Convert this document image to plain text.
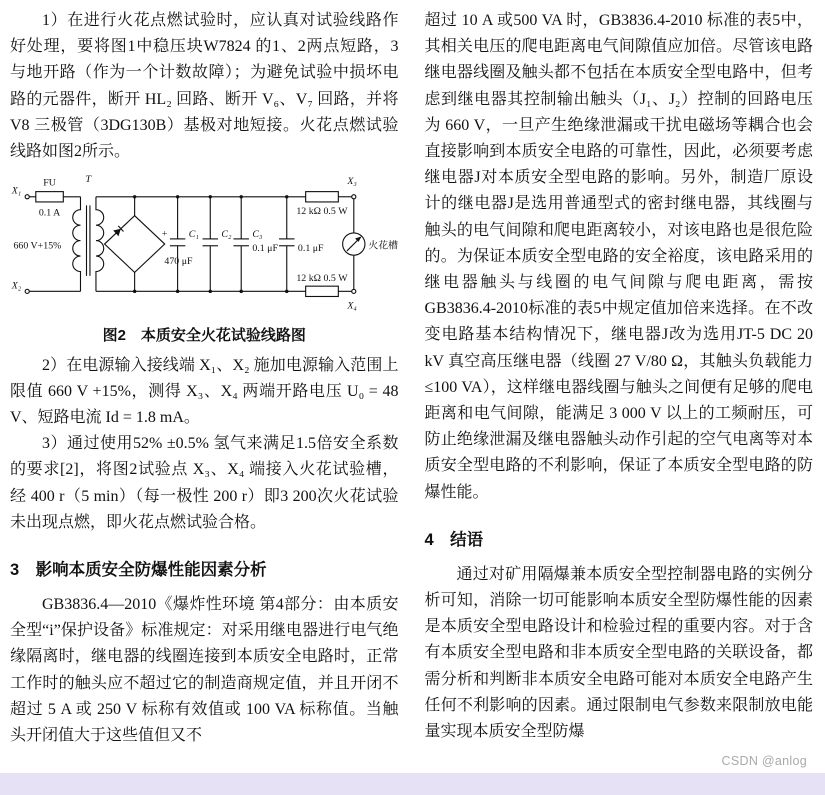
1）在进行火花点燃试验时，应认真对试验线路作好处理，要将图1中稳压块W7824 的1、2两点短路，3 与地开路（作为一个计数故障）；为避免试验中损坏电路的元器件，断开 HL₂ 回路、断开 V₆、V₇ 回路，并将 V8 三极管（3DG130B）基极对地短接。火花点燃试验线路如图2所示。

X₁
X₂
FU
0.1 A
T
660 V+15%
+ C₁
470 μF
C₂ C₃
0.1 μF 0.1 μF
12 kΩ 0.5 W
12 kΩ 0.5 W
X₃
X₄
火花槽
图2　本质安全火花试验线路图

2）在电源输入接线端 X₁、X₂ 施加电源输入范围上限值 660 V +15%，测得 X₃、X₄ 两端开路电压 U₀ = 48 V、短路电流 Id = 1.8 mA。

3）通过使用52% ±0.5% 氢气来满足1.5倍安全系数的要求[2]，将图2试验点 X₃、X₄ 端接入火花试验槽，经 400 r（5 min）（每一极性 200 r）即3 200次火花试验未出现点燃，即火花点燃试验合格。

3　影响本质安全防爆性能因素分析

GB3836.4—2010《爆炸性环境 第4部分：由本质安全型“i”保护设备》标准规定：对采用继电器进行电气绝缘隔离时，继电器的线圈连接到本质安全电路时，正常工作时的触头应不超过它的制造商规定值，并且开闭不超过 5 A 或 250 V 标称有效值或 100 VA 标称值。当触头开闭值大于这些值但又不

超过 10 A 或500 VA 时，GB3836.4-2010 标准的表5中，其相关电压的爬电距离电气间隙值应加倍。尽管该电路继电器线圈及触头都不包括在本质安全型电路中，但考虑到继电器其控制输出触头（J₁、J₂）控制的回路电压为 660 V，一旦产生绝缘泄漏或干扰电磁场等耦合也会直接影响到本质安全电路的可靠性，因此，必须要考虑继电器J对本质安全型电路的影响。另外，制造厂原设计的继电器J是选用普通型式的密封继电器，其线圈与触头的电气间隙和爬电距离较小，对该电路也是很危险的。为保证本质安全型电路的安全裕度，该电路采用的继电器触头与线圈的电气间隙与爬电距离，需按 GB3836.4-2010标准的表5中规定值加倍来选择。在不改变电路基本结构情况下，继电器J改为选用JT-5 DC 20 kV 真空高压继电器（线圈 27 V/80 Ω，其触头负载能力 ≤100 VA），这样继电器线圈与触头之间便有足够的爬电距离和电气间隙，能满足 3 000 V 以上的工频耐压，可防止绝缘泄漏及继电器触头动作引起的空气电离等对本质安全型电路的不利影响，保证了本质安全型电路的防爆性能。

4　结语

通过对矿用隔爆兼本质安全型控制器电路的实例分析可知，消除一切可能影响本质安全型防爆性能的因素是本质安全型电路设计和检验过程的重要内容。对于含有本质安全型电路和非本质安全型电路的关联设备，都需分析和判断非本质安全电路可能对本质安全电路产生任何不利影响的因素。通过限制电气参数来限制放电能量实现本质安全型防爆

CSDN @anlog
